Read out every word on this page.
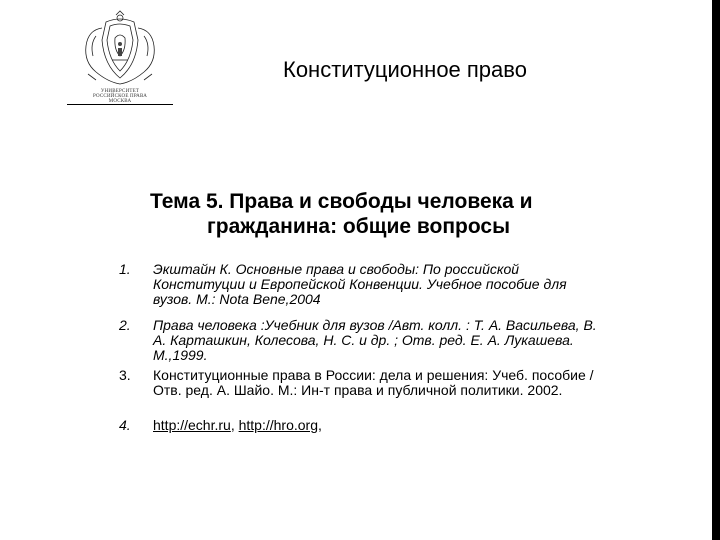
УНИВЕРСИТЕТ
РОССИЙСКОЕ ПРАВА
МОСКВА
Конституционное право
Тема 5. Права и свободы человека и
гражданина: общие вопросы
1.	Экштайн К. Основные права и свободы: По российской Конституции и Европейской Конвенции. Учебное пособие для вузов. М.: Nota Bene,2004
2.	Права человека :Учебник для вузов /Авт. колл. : Т. А. Васильева, В. А. Карташкин, Колесова, Н. С. и др. ; Отв. ред. Е. А. Лукашева. М.,1999.
3.	Конституционные права в России: дела и решения: Учеб. пособие / Отв. ред. А. Шайо. М.: Ин-т права и публичной политики. 2002.
4.	http://echr.ru, http://hro.org,
